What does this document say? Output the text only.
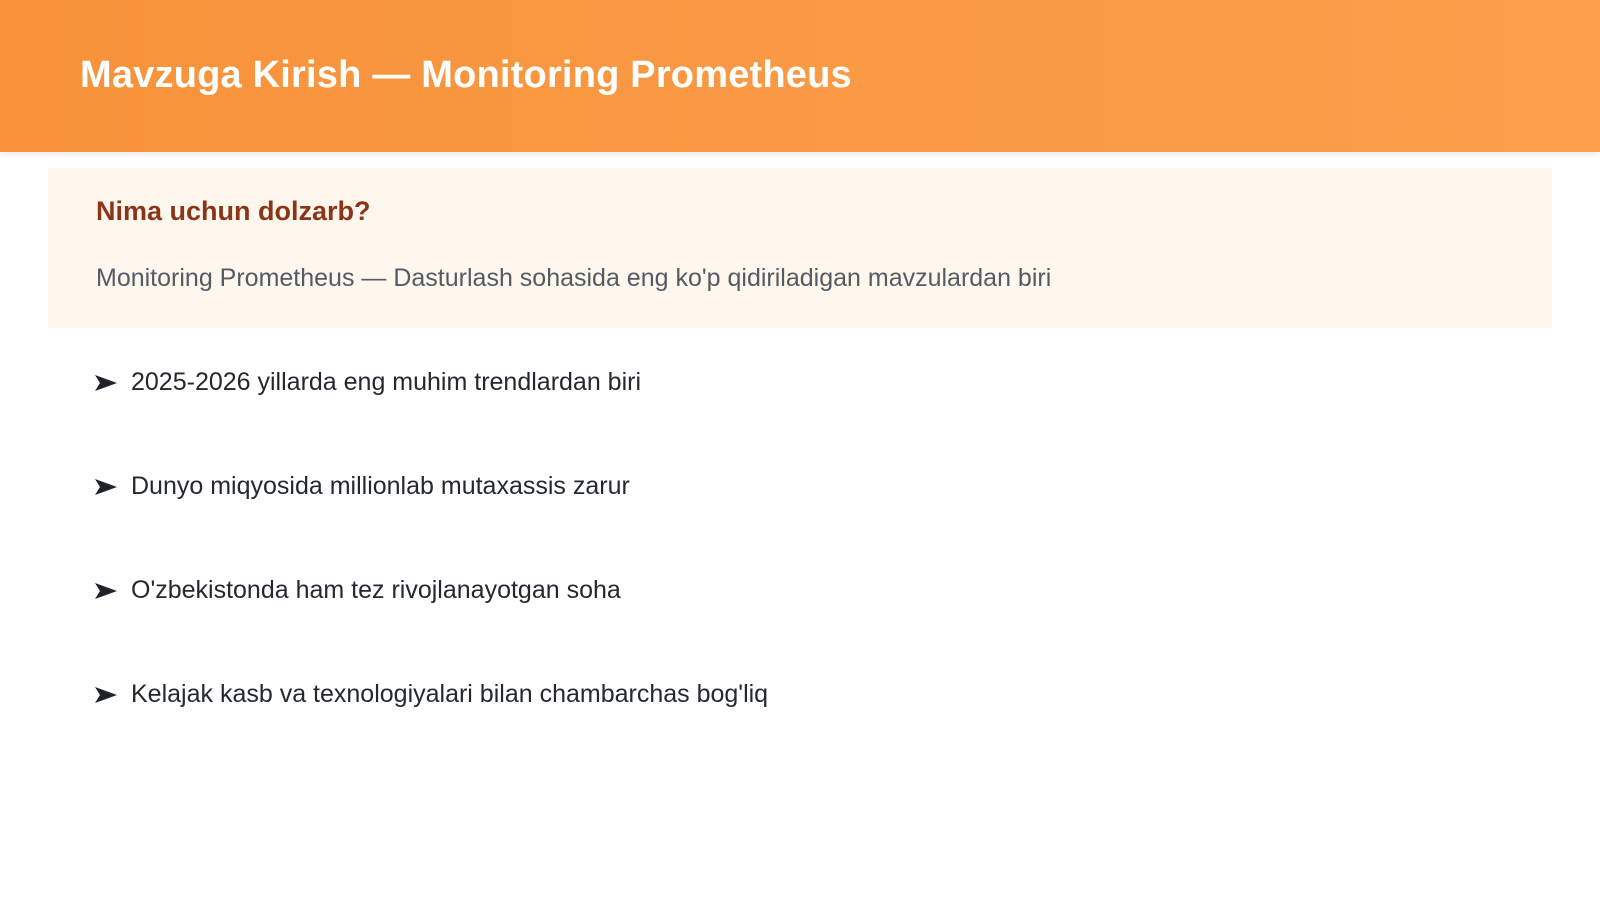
Mavzuga Kirish — Monitoring Prometheus
Nima uchun dolzarb?

Monitoring Prometheus — Dasturlash sohasida eng ko'p qidiriladigan mavzulardan biri

2025-2026 yillarda eng muhim trendlardan biri
Dunyo miqyosida millionlab mutaxassis zarur
O'zbekistonda ham tez rivojlanayotgan soha
Kelajak kasb va texnologiyalari bilan chambarchas bog'liq
